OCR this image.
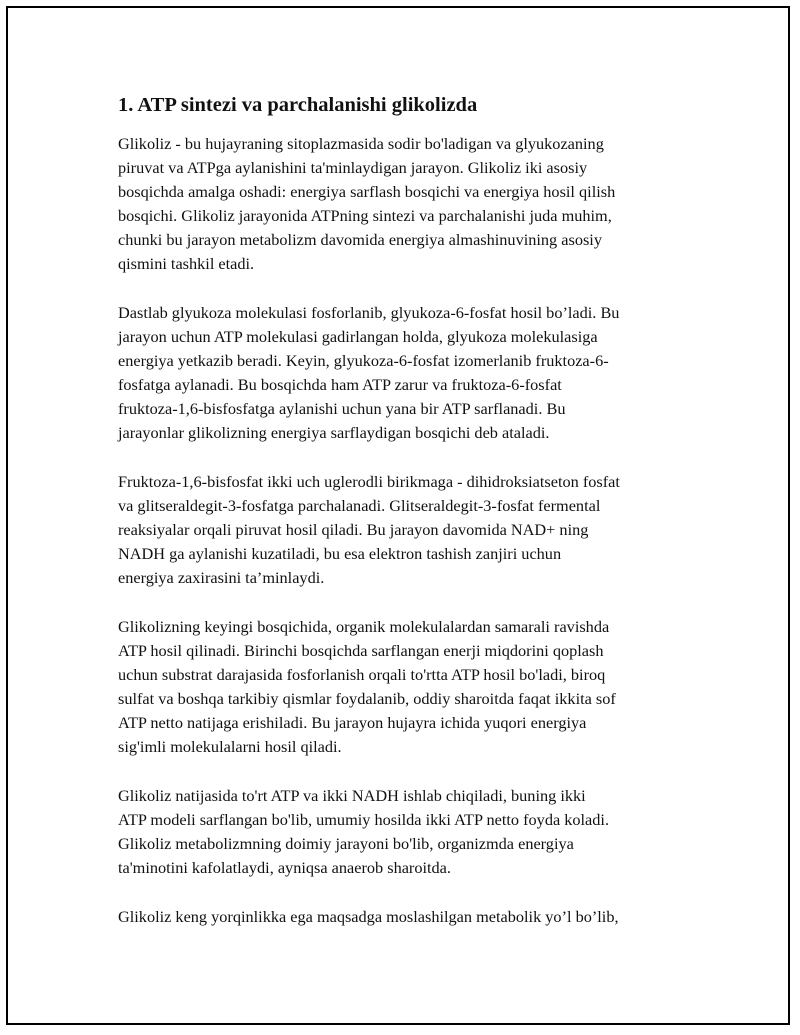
1. ATP sintezi va parchalanishi glikolizda

Glikoliz - bu hujayraning sitoplazmasida sodir bo'ladigan va glyukozaning
piruvat va ATPga aylanishini ta'minlaydigan jarayon. Glikoliz iki asosiy
bosqichda amalga oshadi: energiya sarflash bosqichi va energiya hosil qilish
bosqichi. Glikoliz jarayonida ATPning sintezi va parchalanishi juda muhim,
chunki bu jarayon metabolizm davomida energiya almashinuvining asosiy
qismini tashkil etadi.

Dastlab glyukoza molekulasi fosforlanib, glyukoza-6-fosfat hosil bo’ladi. Bu
jarayon uchun ATP molekulasi gadirlangan holda, glyukoza molekulasiga
energiya yetkazib beradi. Keyin, glyukoza-6-fosfat izomerlanib fruktoza-6-
fosfatga aylanadi. Bu bosqichda ham ATP zarur va fruktoza-6-fosfat
fruktoza-1,6-bisfosfatga aylanishi uchun yana bir ATP sarflanadi. Bu
jarayonlar glikolizning energiya sarflaydigan bosqichi deb ataladi.

Fruktoza-1,6-bisfosfat ikki uch uglerodli birikmaga - dihidroksiatseton fosfat
va glitseraldegit-3-fosfatga parchalanadi. Glitseraldegit-3-fosfat fermental
reaksiyalar orqali piruvat hosil qiladi. Bu jarayon davomida NAD+ ning
NADH ga aylanishi kuzatiladi, bu esa elektron tashish zanjiri uchun
energiya zaxirasini ta’minlaydi.

Glikolizning keyingi bosqichida, organik molekulalardan samarali ravishda
ATP hosil qilinadi. Birinchi bosqichda sarflangan enerji miqdorini qoplash
uchun substrat darajasida fosforlanish orqali to'rtta ATP hosil bo'ladi, biroq
sulfat va boshqa tarkibiy qismlar foydalanib, oddiy sharoitda faqat ikkita sof
ATP netto natijaga erishiladi. Bu jarayon hujayra ichida yuqori energiya
sig'imli molekulalarni hosil qiladi.

Glikoliz natijasida to'rt ATP va ikki NADH ishlab chiqiladi, buning ikki
ATP modeli sarflangan bo'lib, umumiy hosilda ikki ATP netto foyda koladi.
Glikoliz metabolizmning doimiy jarayoni bo'lib, organizmda energiya
ta'minotini kafolatlaydi, ayniqsa anaerob sharoitda.

Glikoliz keng yorqinlikka ega maqsadga moslashilgan metabolik yo’l bo’lib,
